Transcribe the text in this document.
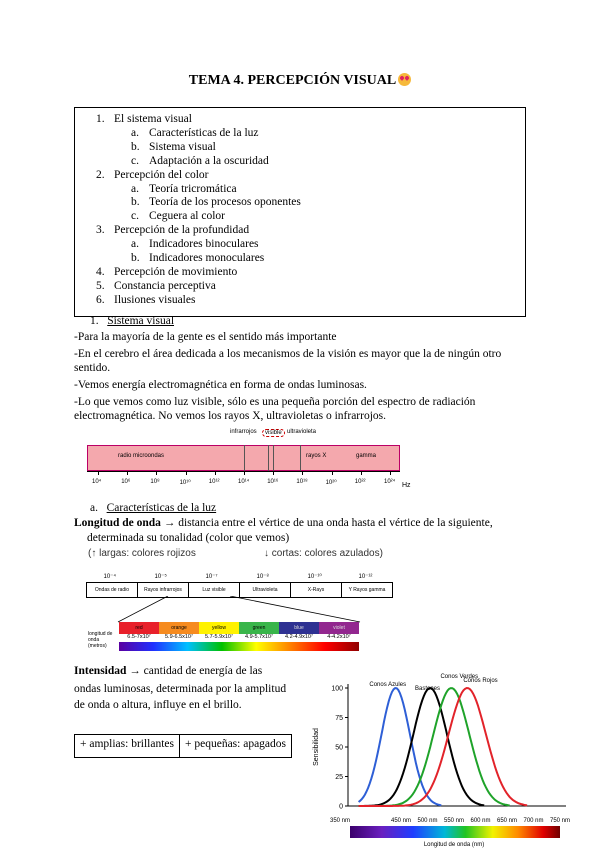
TEMA 4. PERCEPCIÓN VISUAL
1. El sistema visual
a. Características de la luz
b. Sistema visual
c. Adaptación a la oscuridad
2. Percepción del color
a. Teoría tricromática
b. Teoría de los procesos oponentes
c. Ceguera al color
3. Percepción de la profundidad
a. Indicadores binoculares
b. Indicadores monoculares
4. Percepción de movimiento
5. Constancia perceptiva
6. Ilusiones visuales
1. Sistema visual
-Para la mayoría de la gente es el sentido más importante
-En el cerebro el área dedicada a los mecanismos de la visión es mayor que la de ningún otro
sentido.
-Vemos energía electromagnética en forma de ondas luminosas.
-Lo que vemos como luz visible, sólo es una pequeña porción del espectro de radiación
electromagnética. No vemos los rayos X, ultravioletas o infrarrojos.
radio microondas
infrarrojos	visible ultravioleta
rayos X	gamma
10⁴	10⁶	10⁸	10¹⁰	10¹²	10¹⁴	10¹⁶	10¹⁸	10²⁰	10²²	10²⁴ Hz
a. Características de la luz
Longitud de onda → distancia entre el vértice de una onda hasta el vértice de la siguiente,
determinada su tonalidad (color que vemos)
(↑ largas: colores rojizos	↓ cortas: colores azulados)
10⁻⁴	10⁻⁵	10⁻⁷	10⁻⁸	10⁻¹⁰	10⁻¹²
Ondas de radio	Rayos infrarrojos	Luz visible	Ultravioleta	X-Rays	Y Rayos gamma
red	orange	yellow	green	blue	violet
6.5-7x10⁷	5.9-6.5x10⁷	5.7-5.9x10⁷	4.9-5.7x10⁷	4.2-4.9x10⁷	4-4.2x10⁷
longitud de onda (metros)
Intensidad → cantidad de energía de las
ondas luminosas, determinada por la amplitud
de onda o altura, influye en el brillo.
+ amplias: brillantes + pequeñas: apagados
0
25
50
75
100
Sensibilidad
350 nm	450 nm 500 nm 550 nm 600 nm 650 nm 700 nm 750 nm
Longitud de onda (nm)
Conos Azules
Bastones
Conos Verdes
Conos Rojos
